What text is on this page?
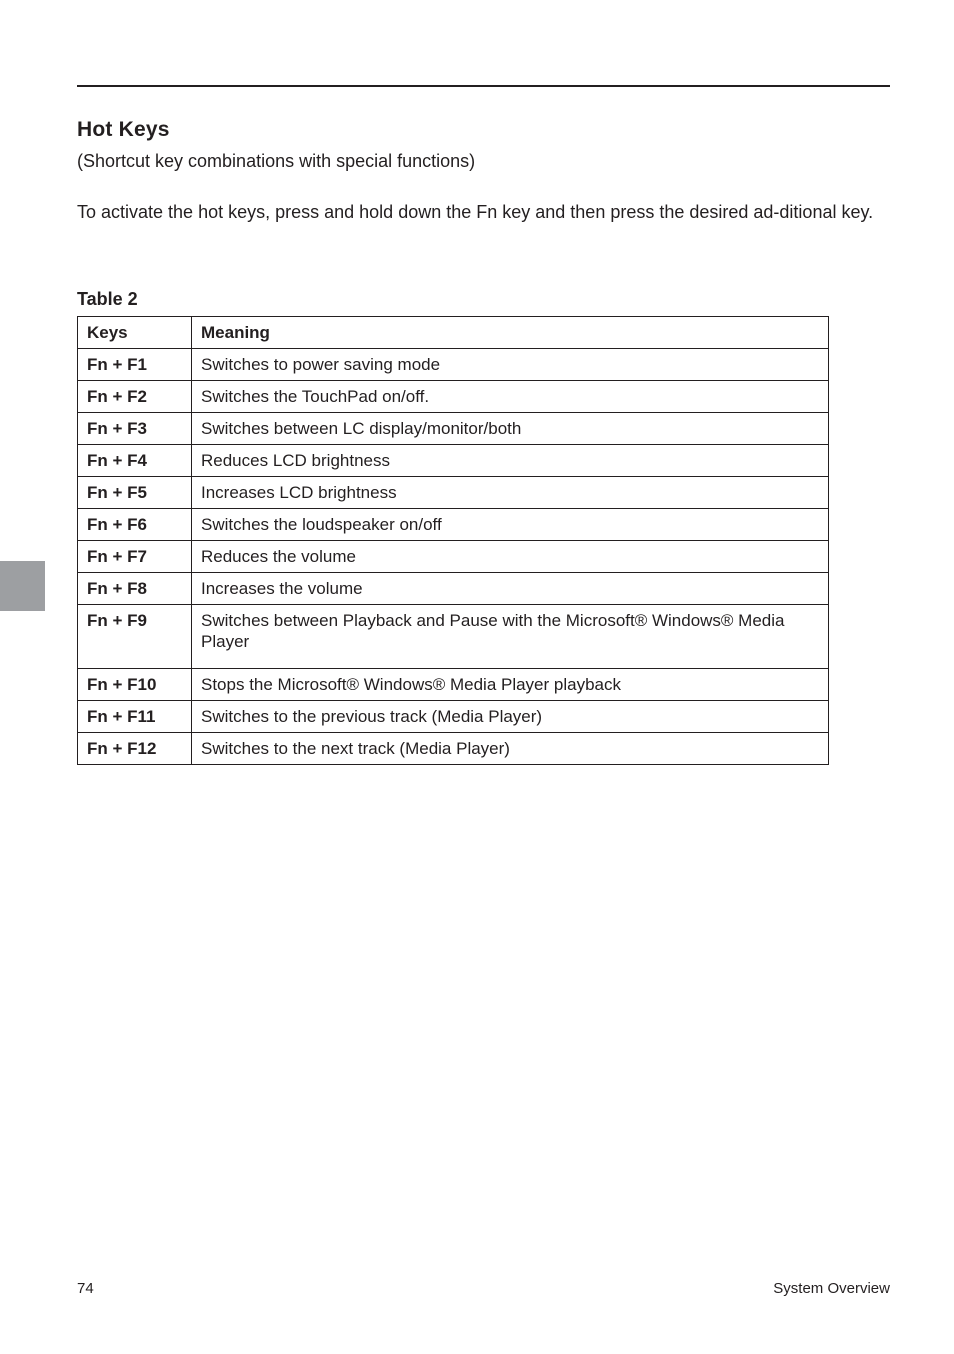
Hot Keys

(Shortcut key combinations with special functions)

To activate the hot keys, press and hold down the Fn key and then press the desired ad-ditional key.

Table 2

Keys	Meaning
Fn + F1	Switches to power saving mode
Fn + F2	Switches the TouchPad on/off.
Fn + F3	Switches between LC display/monitor/both
Fn + F4	Reduces LCD brightness
Fn + F5	Increases LCD brightness
Fn + F6	Switches the loudspeaker on/off
Fn + F7	Reduces the volume
Fn + F8	Increases the volume
Fn + F9	Switches between Playback and Pause with the Microsoft® Windows® Media Player
Fn + F10	Stops the Microsoft® Windows® Media Player playback
Fn + F11	Switches to the previous track (Media Player)
Fn + F12	Switches to the next track (Media Player)

74	System Overview
